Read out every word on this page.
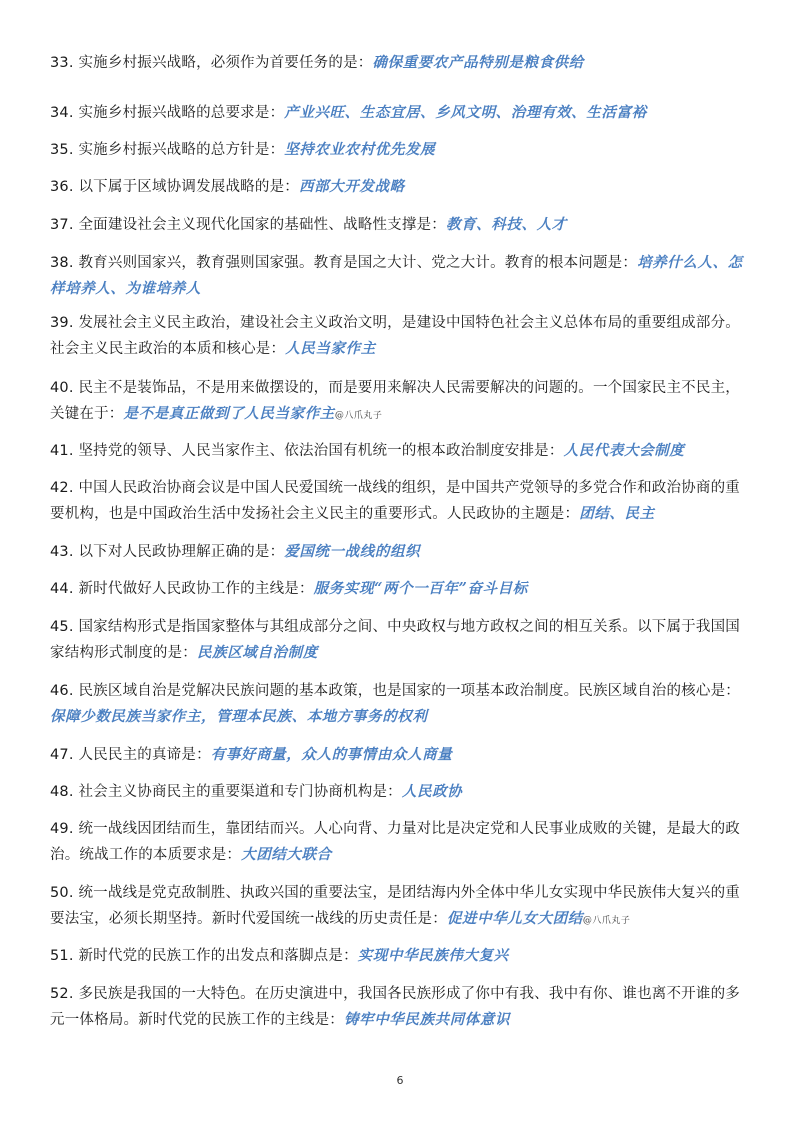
33. 实施乡村振兴战略，必须作为首要任务的是：确保重要农产品特别是粮食供给
34. 实施乡村振兴战略的总要求是：产业兴旺、生态宜居、乡风文明、治理有效、生活富裕
35. 实施乡村振兴战略的总方针是：坚持农业农村优先发展
36. 以下属于区域协调发展战略的是：西部大开发战略
37. 全面建设社会主义现代化国家的基础性、战略性支撑是：教育、科技、人才
38. 教育兴则国家兴，教育强则国家强。教育是国之大计、党之大计。教育的根本问题是：培养什么人、怎样培养人、为谁培养人
39. 发展社会主义民主政治，建设社会主义政治文明，是建设中国特色社会主义总体布局的重要组成部分。社会主义民主政治的本质和核心是：人民当家作主
40. 民主不是装饰品，不是用来做摆设的，而是要用来解决人民需要解决的问题的。一个国家民主不民主，关键在于：是不是真正做到了人民当家作主@八爪丸子
41. 坚持党的领导、人民当家作主、依法治国有机统一的根本政治制度安排是：人民代表大会制度
42. 中国人民政治协商会议是中国人民爱国统一战线的组织，是中国共产党领导的多党合作和政治协商的重要机构，也是中国政治生活中发扬社会主义民主的重要形式。人民政协的主题是：团结、民主
43. 以下对人民政协理解正确的是：爱国统一战线的组织
44. 新时代做好人民政协工作的主线是：服务实现“两个一百年”奋斗目标
45. 国家结构形式是指国家整体与其组成部分之间、中央政权与地方政权之间的相互关系。以下属于我国国家结构形式制度的是：民族区域自治制度
46. 民族区域自治是党解决民族问题的基本政策，也是国家的一项基本政治制度。民族区域自治的核心是：保障少数民族当家作主，管理本民族、本地方事务的权利
47. 人民民主的真谛是：有事好商量，众人的事情由众人商量
48. 社会主义协商民主的重要渠道和专门协商机构是：人民政协
49. 统一战线因团结而生，靠团结而兴。人心向背、力量对比是决定党和人民事业成败的关键，是最大的政治。统战工作的本质要求是：大团结大联合
50. 统一战线是党克敌制胜、执政兴国的重要法宝，是团结海内外全体中华儿女实现中华民族伟大复兴的重要法宝，必须长期坚持。新时代爱国统一战线的历史责任是：促进中华儿女大团结@八爪丸子
51. 新时代党的民族工作的出发点和落脚点是：实现中华民族伟大复兴
52. 多民族是我国的一大特色。在历史演进中，我国各民族形成了你中有我、我中有你、谁也离不开谁的多元一体格局。新时代党的民族工作的主线是：铸牢中华民族共同体意识
6
